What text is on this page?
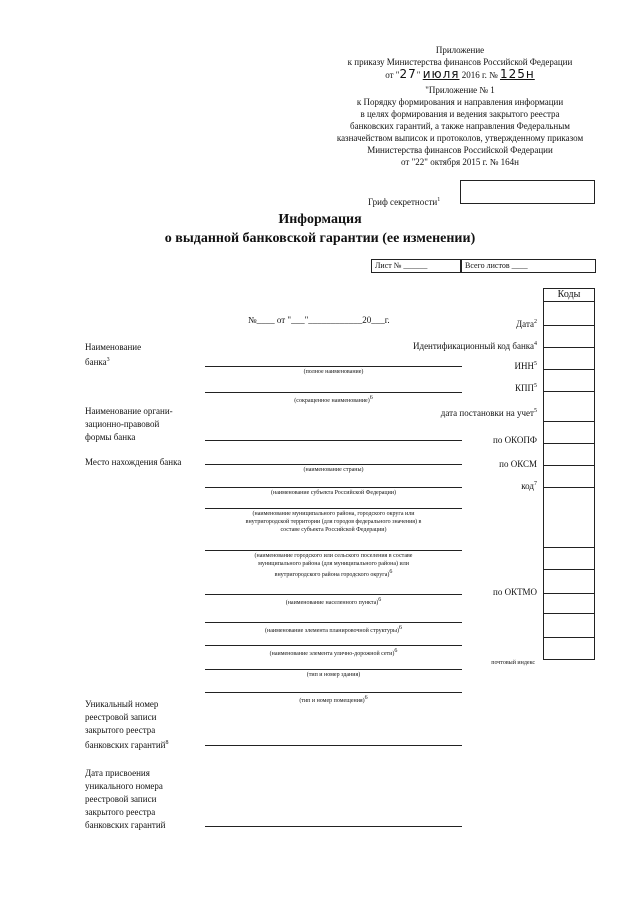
Приложение
к приказу Министерства финансов Российской Федерации
от "27" июля 2016 г. № 125н
"Приложение № 1
к Порядку формирования и направления информации
в целях формирования и ведения закрытого реестра
банковских гарантий, а также направления Федеральным
казначейством выписок и протоколов, утвержденному приказом
Министерства финансов Российской Федерации
от "22" октября 2015 г. № 164н
Гриф секретности$^1$
Информация
о выданной банковской гарантии (ее изменении)
Лист № ______	Всего листов ____
Коды
№____ от "___"____________20___г.	Дата$^2$
Идентификационный код банка$^4$
ИНН$^5$
КПП$^5$
дата постановки на учет$^5$
по ОКОПФ
по ОКСМ
код$^7$
по ОКТМО
почтовый индекс
Наименование
банка$^3$
Наименование органи-
зационно-правовой
формы банка
Место нахождения банка
Уникальный номер
реестровой записи
закрытого реестра
банковских гарантий$^8$
Дата присвоения
уникального номера
реестровой записи
закрытого реестра
банковских гарантий
(полное наименование)
(сокращенное наименование)6
(наименование страны)
(наименование субъекта Российской Федерации)
(наименование муниципального района, городского округа или
внутригородской территории (для городов федерального значения) в
составе субъекта Российской Федерации)
(наименование городского или сельского поселения в составе
муниципального района (для муниципального района) или
внутригородского района городского округа)6
(наименование населенного пункта)6
(наименование элемента планировочной структуры)6
(наименование элемента улично-дорожной сети)6
(тип и номер здания)
(тип и номер помещения)6
